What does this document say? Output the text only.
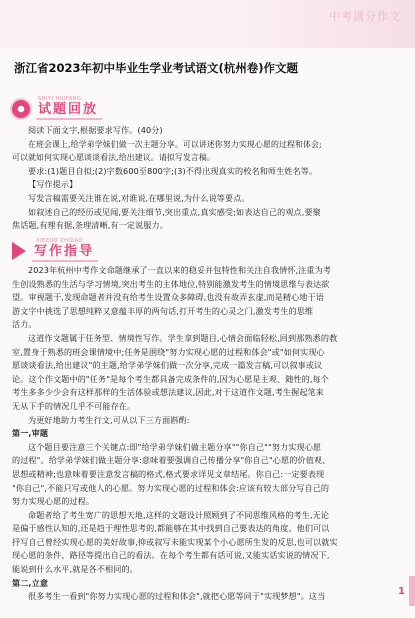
中考满分作文
浙江省2023年初中毕业生学业考试语文(杭州卷)作文题
试题回放
SHIYI HUIFANG
阅读下面文字,根据要求写作。(40分)
在班会课上,给学弟学妹们做一次主题分享。可以讲述你努力实现心愿的过程和体会;
可以就如何实现心愿谈谈看法,给出建议。请拟写发言稿。
要求:(1)题目自拟;(2)字数600至800字;(3)不得出现真实的校名和师生姓名等。
【写作提示】
写发言稿需要关注谁在说,对谁说,在哪里说,为什么说等要点。
如叙述自己的经历或见闻,要关注细节,突出重点,真实感受;如表达自己的观点,要聚
焦话题,有理有据,条理清晰,有一定说服力。
写作指导
XIEZUO ZHIDAO
2023年杭州中考作文命题继承了一直以来的稳妥并包特性和关注自我情怀,注重为考
生创设熟悉的生活与学习情境,突出考生的主体地位,特别能激发考生的情境思维与表达欲
望。审视题干,发现命题者并没有给考生设置众多障碍,也没有故弄玄虚,而是精心地于语
游文字中挑选了思想纯粹又意蕴丰厚的两句话,打开考生的心灵之门,激发考生的思维
活力。
这道作文题属于任务型、情境性写作。学生拿到题目,心情会面临轻松,回到那熟悉的教
室,置身于熟悉的班会课情境中;任务是围绕"努力实现心愿的过程和体会"或"如何实现心
愿谈谈看法,给出建议"的主题,给学弟学妹们做一次分享,完成一篇发言稿,可以叙事或议
论。这个作文题中的"任务"是每个考生都具备完成条件的,因为心愿是主观、随性的,每个
考生多多少少会有这样那样的生活体验或想法建议,因此,对于这道作文题,考生握起笔来
无从下手的情况几乎不可能存在。
为更好地助力考生行文,可从以下三方面斟酌:
第一,审题
这个题目要注意三个关键点:即"给学弟学妹们做主题分享""你自己""努力实现心愿
的过程"。给学弟学妹们做主题分享:意味着要强调自己传播分享"你自己"心愿的价值观、
思想或精神;也意味着要注意发言稿的格式,格式要求详见文章结尾。你自己:一定要表现
"你自己",不能只写或他人的心愿。努力实现心愿的过程和体会:应该有较大部分写自己的
努力实现心愿的过程。
命题者给了考生宽广的思想天地,这样的文题设计照顾到了不同思维风格的考生,无论
是偏于感性认知的,还是趋于理性思考的,都能够在其中找到自己要表达的角度。他们可以
抒写自己曾经实现心愿的美好故事,抑或叙写未能实现某个小心愿所生发的反思,也可以就实
现心愿的条件、路径等提出自己的看法。在每个考生都有话可说,又能实话实说的情况下,
能说到什么水平,就是各不相同的。
第二,立意
很多考生一看到"你努力实现心愿的过程和体会",就把心愿等同于"实现梦想"。这当	1
